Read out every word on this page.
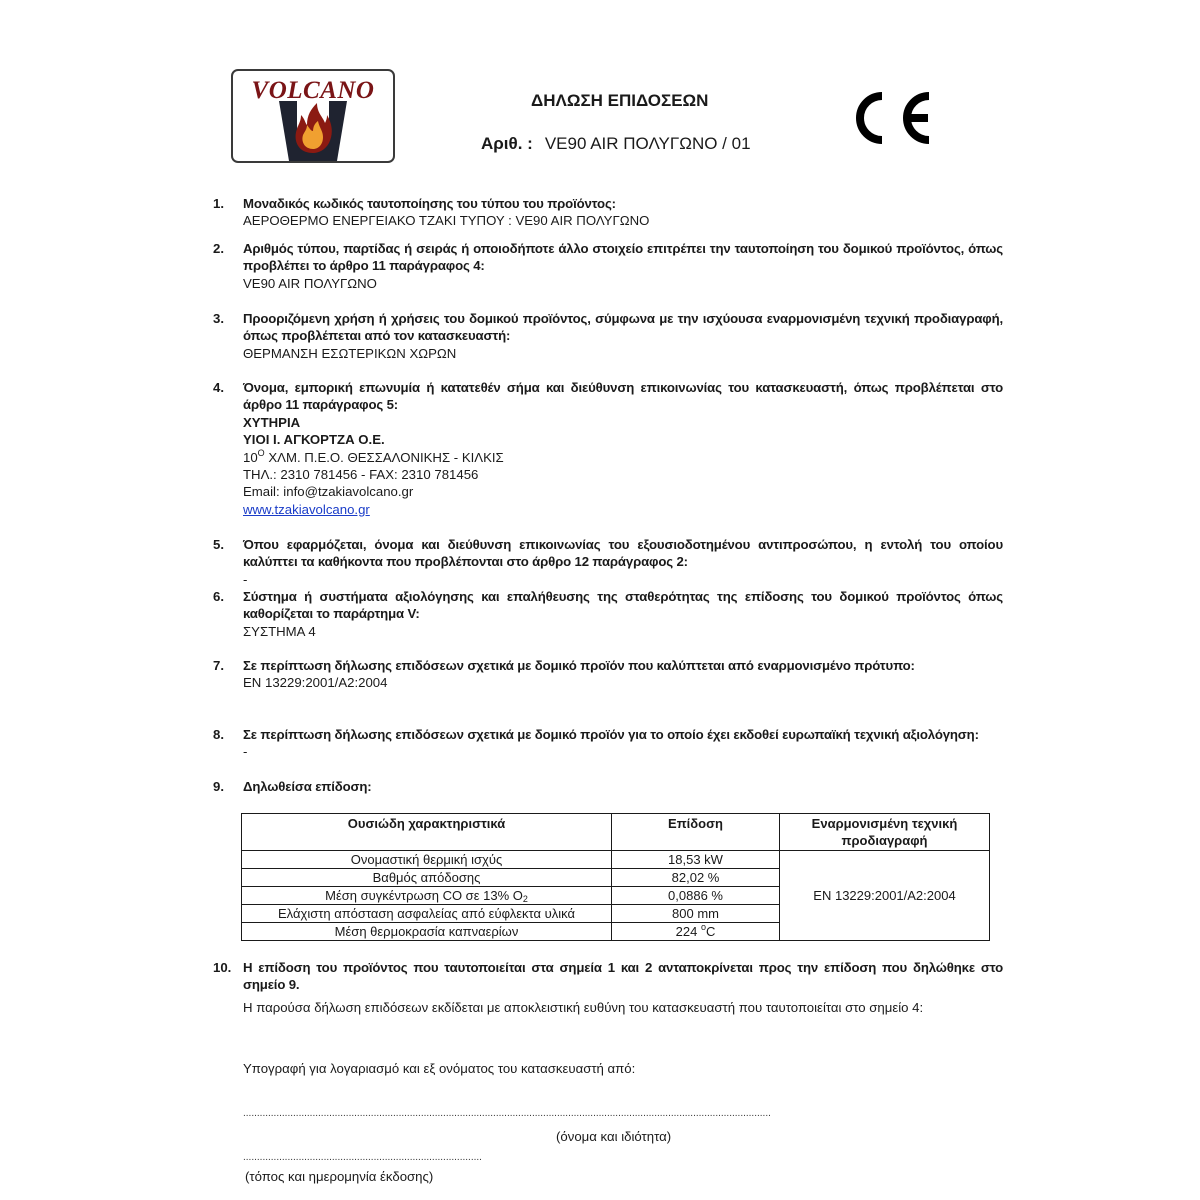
VOLCANO	ΔΗΛΩΣΗ ΕΠΙΔΟΣΕΩΝ
Αριθ. : VE90 AIR ΠΟΛΥΓΩΝΟ / 01
1. Μοναδικός κωδικός ταυτοποίησης του τύπου του προϊόντος:
ΑΕΡΟΘΕΡΜΟ ΕΝΕΡΓΕΙΑΚΟ ΤΖΑΚΙ ΤΥΠΟΥ : VE90 AIR ΠΟΛΥΓΩΝΟ
2. Αριθμός τύπου, παρτίδας ή σειράς ή οποιοδήποτε άλλο στοιχείο επιτρέπει την ταυτοποίηση του δομικού προϊόντος, όπως προβλέπει το άρθρο 11 παράγραφος 4:
VE90 AIR ΠΟΛΥΓΩΝΟ
3. Προοριζόμενη χρήση ή χρήσεις του δομικού προϊόντος, σύμφωνα με την ισχύουσα εναρμονισμένη τεχνική προδιαγραφή, όπως προβλέπεται από τον κατασκευαστή:
ΘΕΡΜΑΝΣΗ ΕΣΩΤΕΡΙΚΩΝ ΧΩΡΩΝ
4. Όνομα, εμπορική επωνυμία ή κατατεθέν σήμα και διεύθυνση επικοινωνίας του κατασκευαστή, όπως προβλέπεται στο άρθρο 11 παράγραφος 5:
ΧΥΤΗΡΙΑ
ΥΙΟΙ Ι. ΑΓΚΟΡΤΖΑ Ο.Ε.
$10^O$ ΧΛΜ. Π.Ε.Ο. ΘΕΣΣΑΛΟΝΙΚΗΣ - ΚΙΛΚΙΣ
ΤΗΛ.: 2310 781456 - FAX: 2310 781456
Email: info@tzakiavolcano.gr
www.tzakiavolcano.gr
5. Όπου εφαρμόζεται, όνομα και διεύθυνση επικοινωνίας του εξουσιοδοτημένου αντιπροσώπου, η εντολή του οποίου καλύπτει τα καθήκοντα που προβλέπονται στο άρθρο 12 παράγραφος 2:
-
6. Σύστημα ή συστήματα αξιολόγησης και επαλήθευσης της σταθερότητας της επίδοσης του δομικού προϊόντος όπως καθορίζεται το παράρτημα V:
ΣΥΣΤΗΜΑ 4
7. Σε περίπτωση δήλωσης επιδόσεων σχετικά με δομικό προϊόν που καλύπτεται από εναρμονισμένο πρότυπο:
EN 13229:2001/A2:2004
8. Σε περίπτωση δήλωσης επιδόσεων σχετικά με δομικό προϊόν για το οποίο έχει εκδοθεί ευρωπαϊκή τεχνική αξιολόγηση:
-
9. Δηλωθείσα επίδοση:
Ουσιώδη χαρακτηριστικά	Επίδοση	Εναρμονισμένη τεχνική προδιαγραφή
Ονομαστική θερμική ισχύς	18,53 kW	EN 13229:2001/A2:2004
Βαθμός απόδοσης	82,02 %	
Μέση συγκέντρωση CO σε 13% $O_2$	0,0886 %	
Ελάχιστη απόσταση ασφαλείας από εύφλεκτα υλικά	800 mm	
Μέση θερμοκρασία καπναερίων	224 $^o$C	
10. Η επίδοση του προϊόντος που ταυτοποιείται στα σημεία 1 και 2 ανταποκρίνεται προς την επίδοση που δηλώθηκε στο σημείο 9.
Η παρούσα δήλωση επιδόσεων εκδίδεται με αποκλειστική ευθύνη του κατασκευαστή που ταυτοποιείται στο σημείο 4:
Υπογραφή για λογαριασμό και εξ ονόματος του κατασκευαστή από:
..............................................................................................................................................................................................
(όνομα και ιδιότητα)
......................................................................................
(τόπος και ημερομηνία έκδοσης)
